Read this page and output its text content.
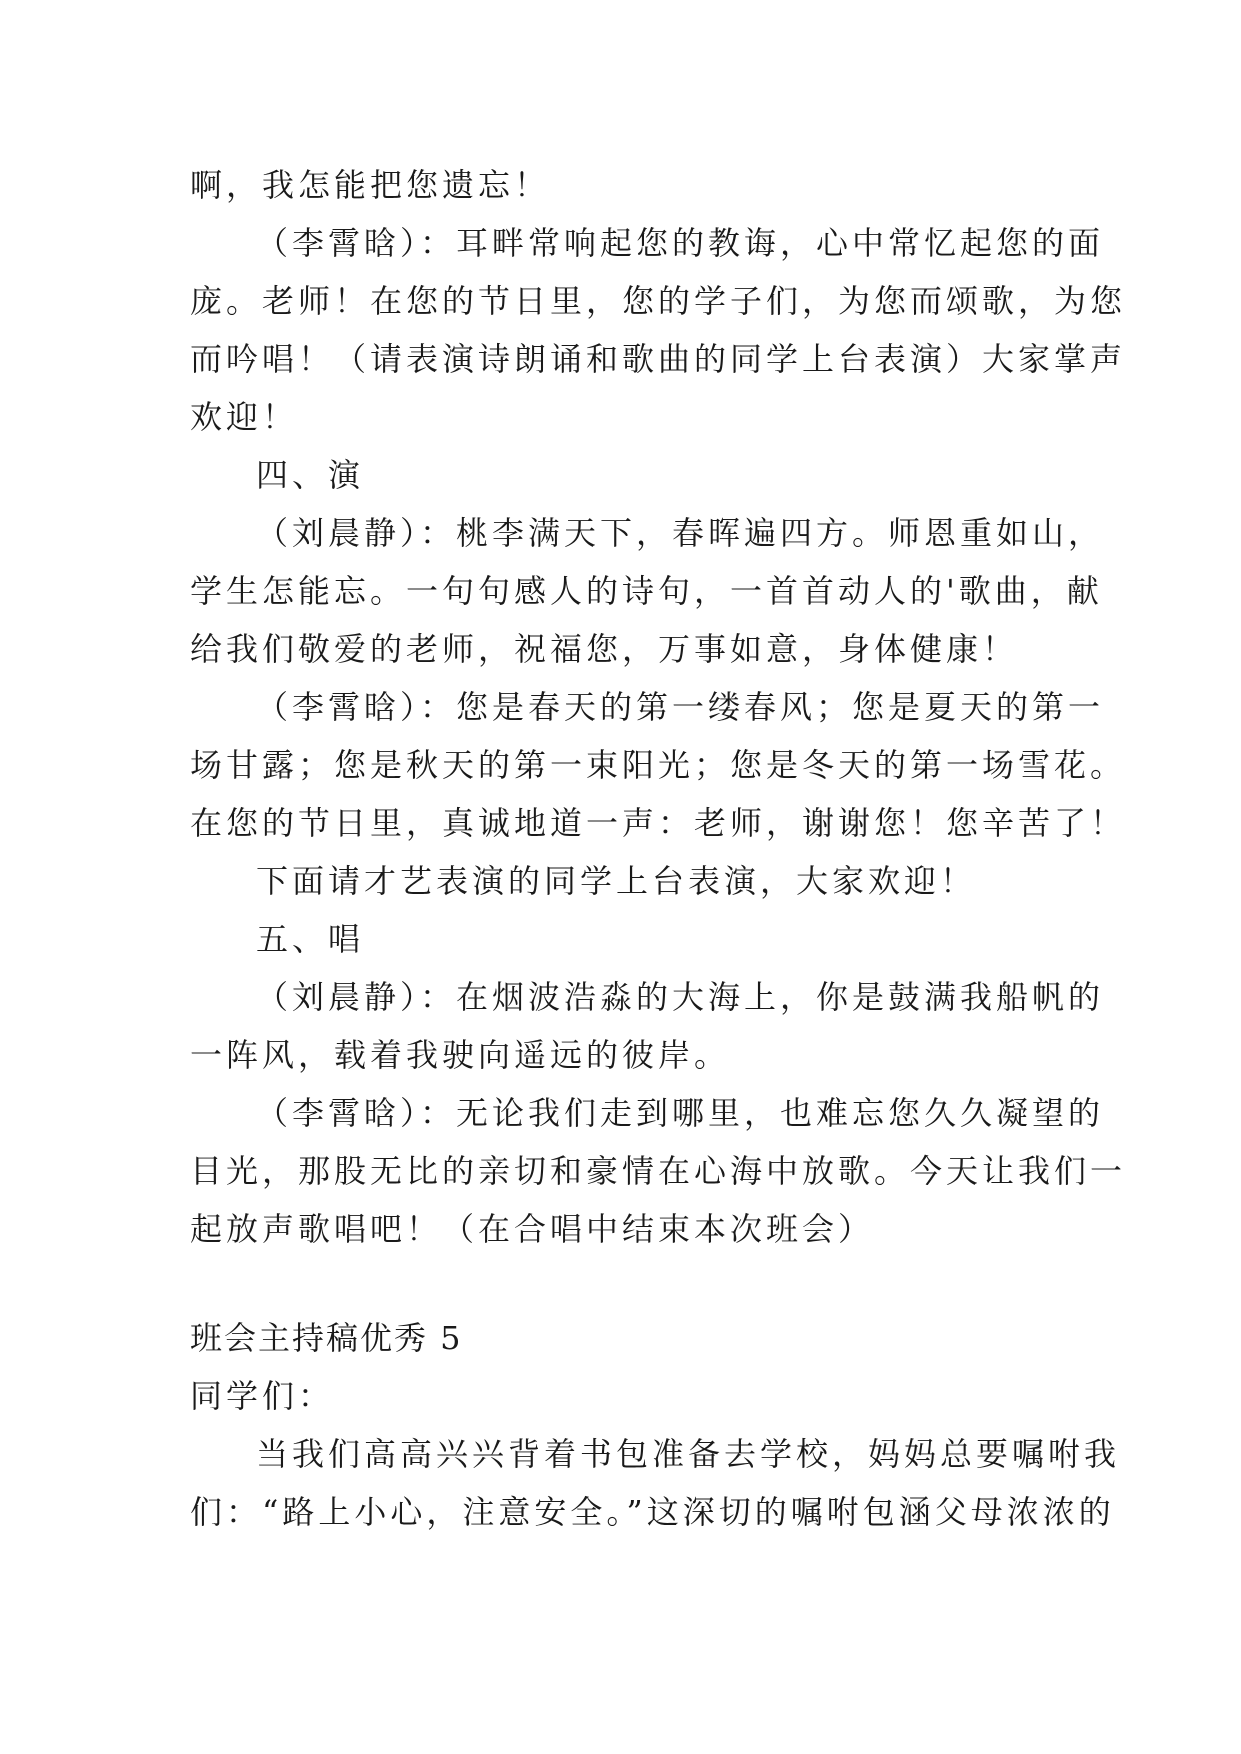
啊，我怎能把您遗忘！
（李霄晗）：耳畔常响起您的教诲，心中常忆起您的面
庞。老师！在您的节日里，您的学子们，为您而颂歌，为您
而吟唱！（请表演诗朗诵和歌曲的同学上台表演）大家掌声
欢迎！
四、演
（刘晨静）：桃李满天下，春晖遍四方。师恩重如山，
学生怎能忘。一句句感人的诗句，一首首动人的'歌曲，献
给我们敬爱的老师，祝福您，万事如意，身体健康！
（李霄晗）：您是春天的第一缕春风；您是夏天的第一
场甘露；您是秋天的第一束阳光；您是冬天的第一场雪花。
在您的节日里，真诚地道一声：老师，谢谢您！您辛苦了！
下面请才艺表演的同学上台表演，大家欢迎！
五、唱
（刘晨静）：在烟波浩淼的大海上，你是鼓满我船帆的
一阵风，载着我驶向遥远的彼岸。
（李霄晗）：无论我们走到哪里，也难忘您久久凝望的
目光，那股无比的亲切和豪情在心海中放歌。今天让我们一
起放声歌唱吧！（在合唱中结束本次班会）
班会主持稿优秀 5
同学们：
当我们高高兴兴背着书包准备去学校，妈妈总要嘱咐我
们：“路上小心，注意安全。”这深切的嘱咐包涵父母浓浓的
